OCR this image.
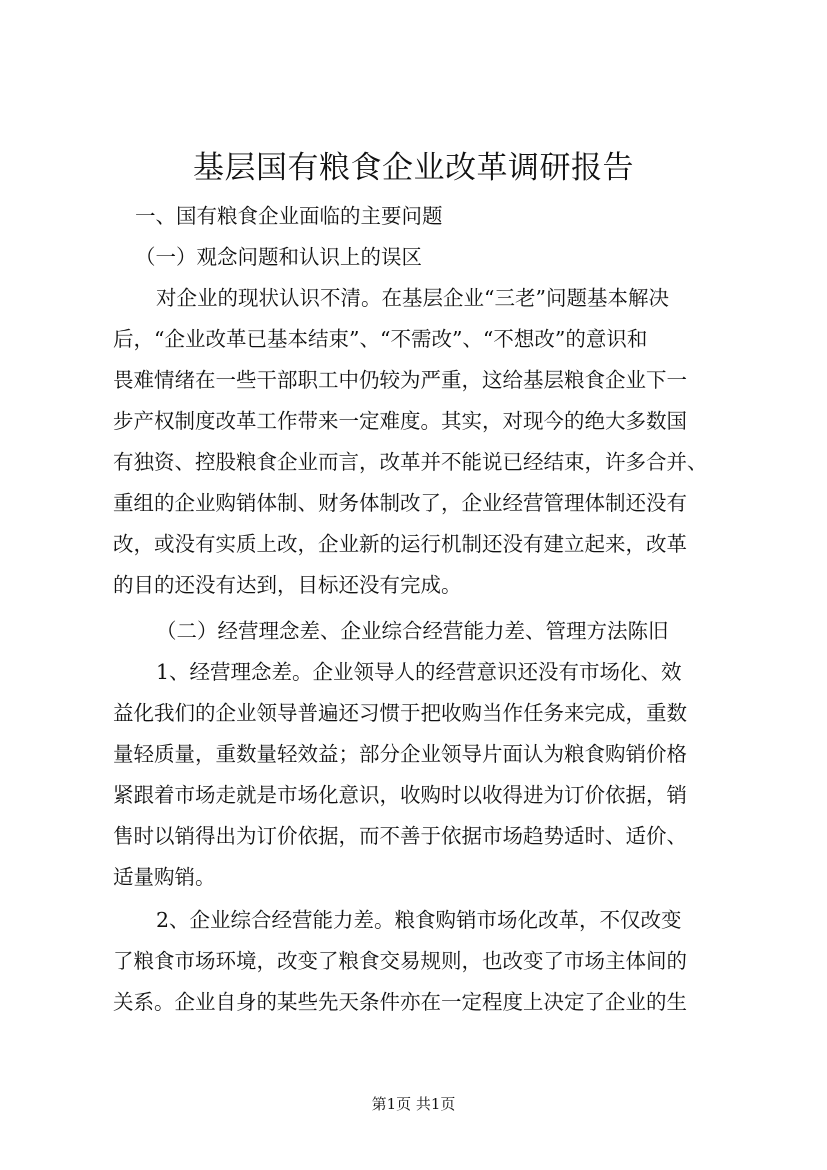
基层国有粮食企业改革调研报告

一、国有粮食企业面临的主要问题

（一）观念问题和认识上的误区

对企业的现状认识不清。在基层企业“三老”问题基本解决

后，“企业改革已基本结束”、“不需改”、“不想改”的意识和

畏难情绪在一些干部职工中仍较为严重，这给基层粮食企业下一

步产权制度改革工作带来一定难度。其实，对现今的绝大多数国

有独资、控股粮食企业而言，改革并不能说已经结束，许多合并、

重组的企业购销体制、财务体制改了，企业经营管理体制还没有

改，或没有实质上改，企业新的运行机制还没有建立起来，改革

的目的还没有达到，目标还没有完成。

（二）经营理念差、企业综合经营能力差、管理方法陈旧

1、经营理念差。企业领导人的经营意识还没有市场化、效

益化我们的企业领导普遍还习惯于把收购当作任务来完成，重数

量轻质量，重数量轻效益；部分企业领导片面认为粮食购销价格

紧跟着市场走就是市场化意识，收购时以收得进为订价依据，销

售时以销得出为订价依据，而不善于依据市场趋势适时、适价、

适量购销。

2、企业综合经营能力差。粮食购销市场化改革，不仅改变

了粮食市场环境，改变了粮食交易规则，也改变了市场主体间的

关系。企业自身的某些先天条件亦在一定程度上决定了企业的生

第1页 共1页
